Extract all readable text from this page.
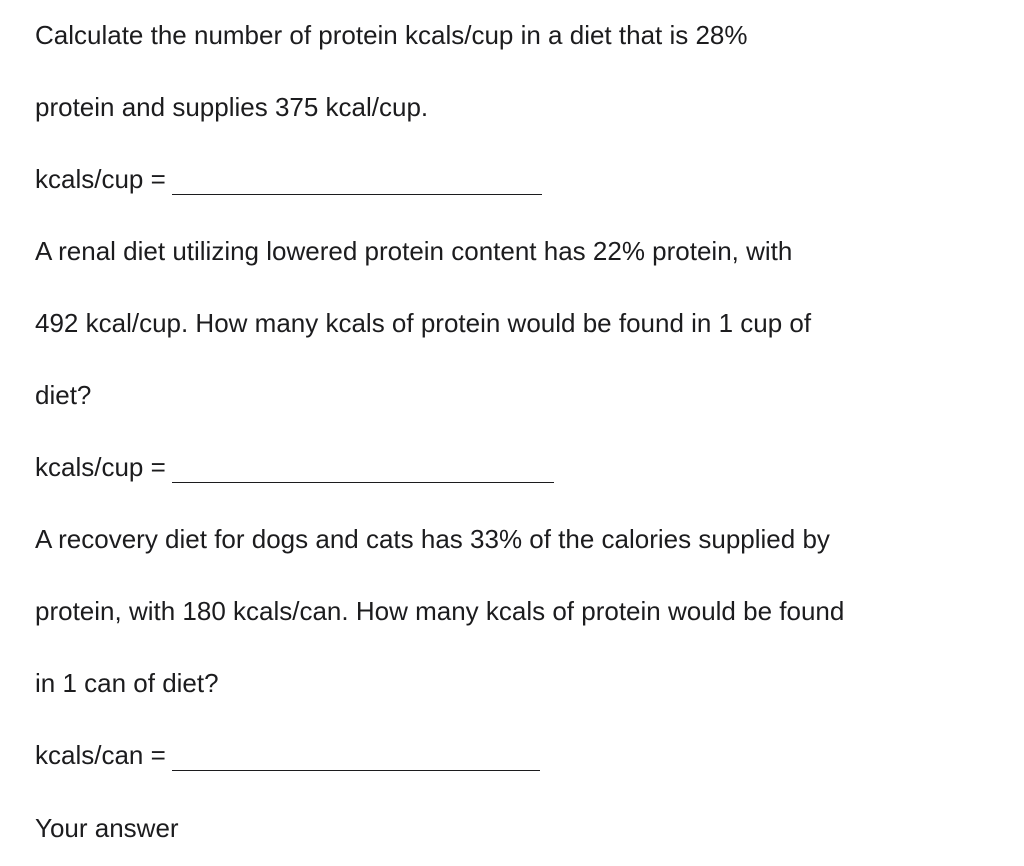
Calculate the number of protein kcals/cup in a diet that is 28%

protein and supplies 375 kcal/cup.

kcals/cup =

A renal diet utilizing lowered protein content has 22% protein, with

492 kcal/cup. How many kcals of protein would be found in 1 cup of

diet?

kcals/cup =

A recovery diet for dogs and cats has 33% of the calories supplied by

protein, with 180 kcals/can. How many kcals of protein would be found

in 1 can of diet?

kcals/can =

Your answer
